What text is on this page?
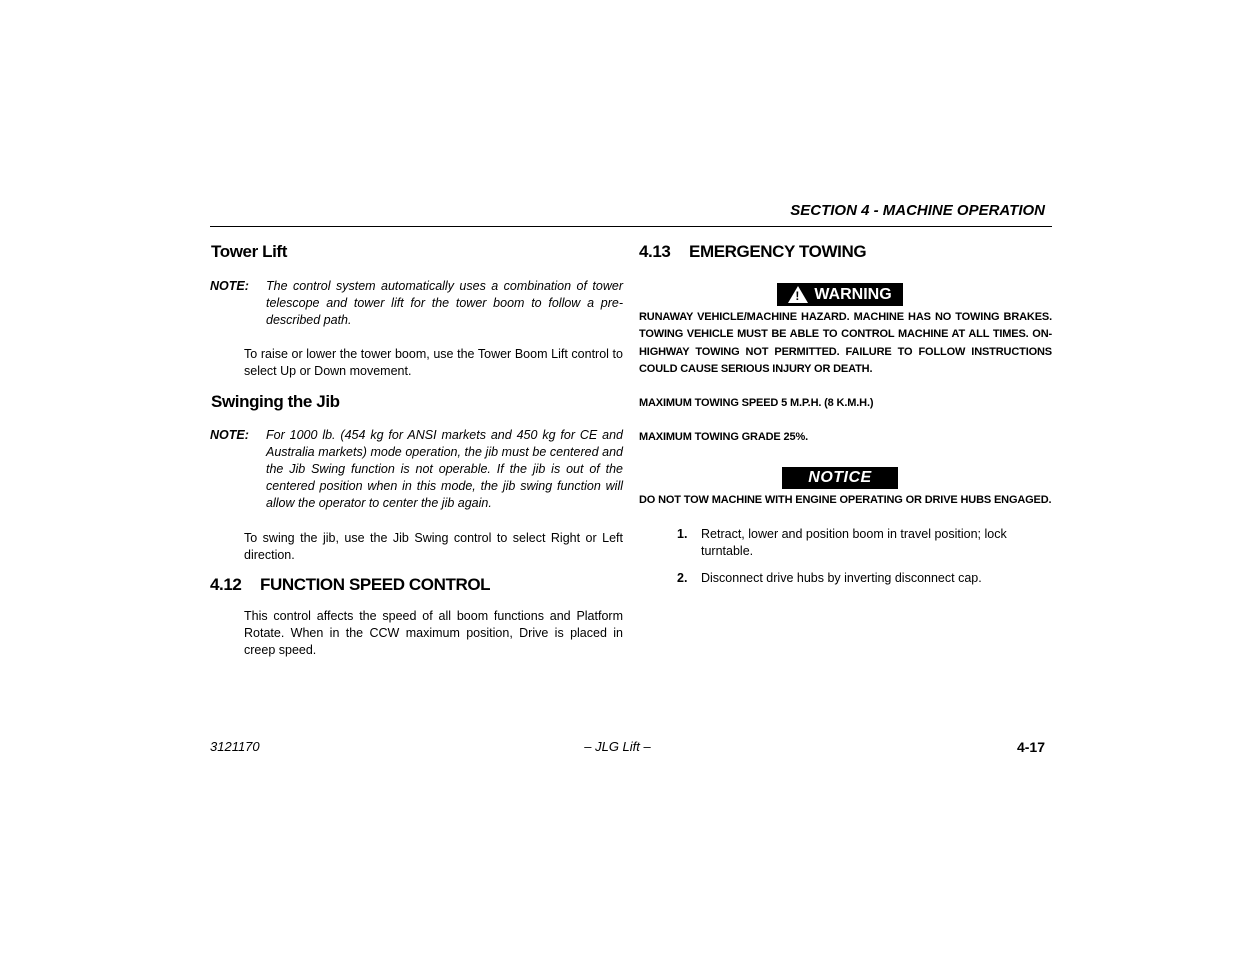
SECTION 4 - MACHINE OPERATION
Tower Lift
NOTE: The control system automatically uses a combination of tower telescope and tower lift for the tower boom to follow a pre-described path.
To raise or lower the tower boom, use the Tower Boom Lift control to select Up or Down movement.
Swinging the Jib
NOTE: For 1000 lb. (454 kg for ANSI markets and 450 kg for CE and Australia markets) mode operation, the jib must be centered and the Jib Swing function is not operable. If the jib is out of the centered position when in this mode, the jib swing function will allow the operator to center the jib again.
To swing the jib, use the Jib Swing control to select Right or Left direction.
4.12 FUNCTION SPEED CONTROL
This control affects the speed of all boom functions and Platform Rotate. When in the CCW maximum position, Drive is placed in creep speed.
4.13 EMERGENCY TOWING
! WARNING
RUNAWAY VEHICLE/MACHINE HAZARD. MACHINE HAS NO TOWING BRAKES. TOWING VEHICLE MUST BE ABLE TO CONTROL MACHINE AT ALL TIMES. ON-HIGHWAY TOWING NOT PERMITTED. FAILURE TO FOLLOW INSTRUCTIONS COULD CAUSE SERIOUS INJURY OR DEATH.
MAXIMUM TOWING SPEED 5 M.P.H. (8 K.M.H.)
MAXIMUM TOWING GRADE 25%.
NOTICE
DO NOT TOW MACHINE WITH ENGINE OPERATING OR DRIVE HUBS ENGAGED.
1. Retract, lower and position boom in travel position; lock turntable.
2. Disconnect drive hubs by inverting disconnect cap.
3121170	– JLG Lift –	4-17
